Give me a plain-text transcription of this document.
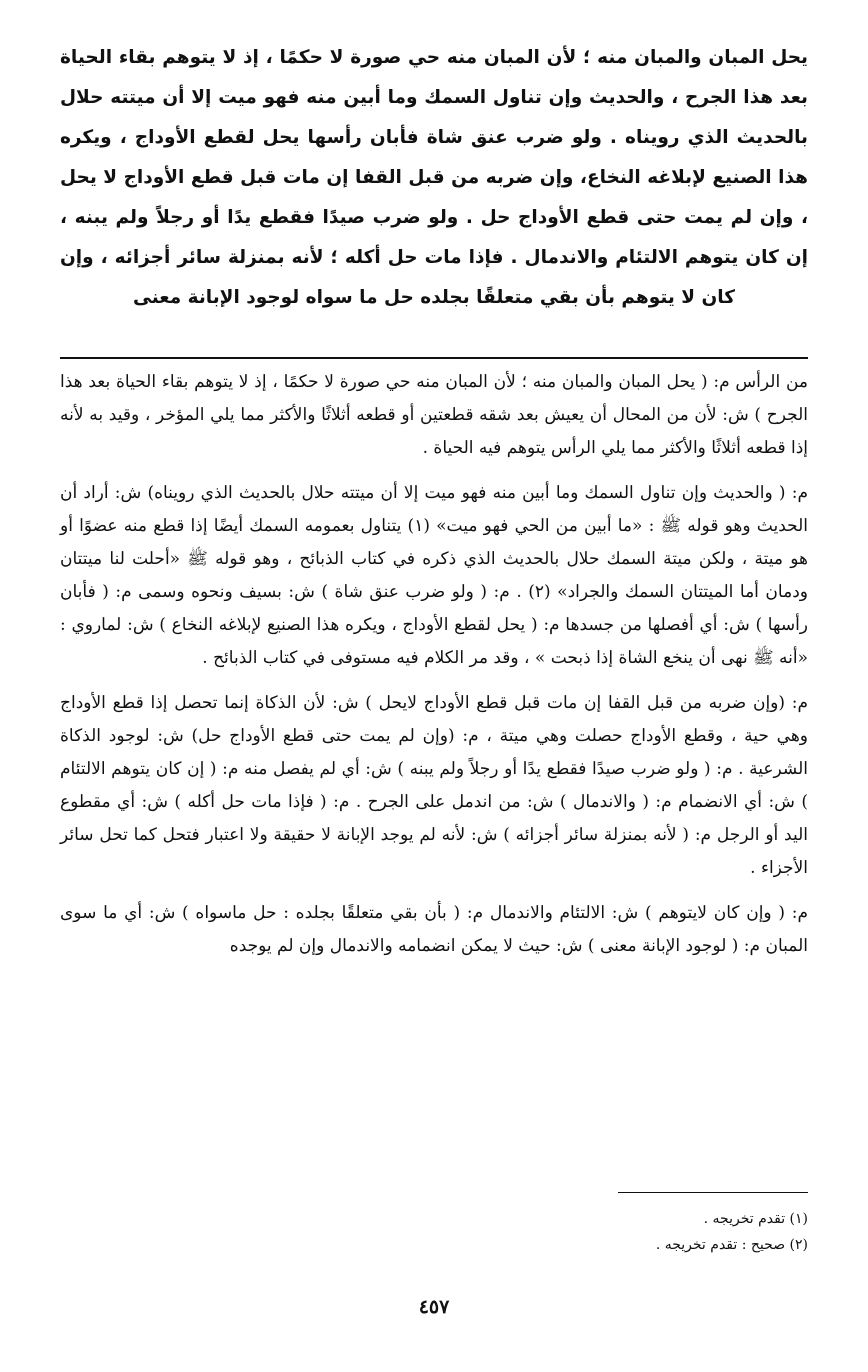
يحل المبان والمبان منه ؛ لأن المبان منه حي صورة لا حكمًا ، إذ لا يتوهم بقاء الحياة بعد هذا الجرح ، والحديث وإن تناول السمك وما أبين منه فهو ميت إلا أن ميتته حلال بالحديث الذي رويناه . ولو ضرب عنق شاة فأبان رأسها يحل لقطع الأوداج ، ويكره هذا الصنيع لإبلاغه النخاع، وإن ضربه من قبل القفا إن مات قبل قطع الأوداج لا يحل ، وإن لم يمت حتى قطع الأوداج حل . ولو ضرب صيدًا فقطع يدًا أو رجلاً ولم يبنه ، إن كان يتوهم الالتئام والاندمال . فإذا مات حل أكله ؛ لأنه بمنزلة سائر أجزائه ، وإن كان لا يتوهم بأن بقي متعلقًا بجلده حل ما سواه لوجود الإبانة معنى

من الرأس م: ( يحل المبان والمبان منه ؛ لأن المبان منه حي صورة لا حكمًا ، إذ لا يتوهم بقاء الحياة بعد هذا الجرح ) ش: لأن من المحال أن يعيش بعد شقه قطعتين أو قطعه أثلاثًا والأكثر مما يلي المؤخر ، وقيد به لأنه إذا قطعه أثلاثًا والأكثر مما يلي الرأس يتوهم فيه الحياة .

م: ( والحديث وإن تناول السمك وما أبين منه فهو ميت إلا أن ميتته حلال بالحديث الذي رويناه) ش: أراد أن الحديث وهو قوله ﷺ : «ما أبين من الحي فهو ميت» (١) يتناول بعمومه السمك أيضًا إذا قطع منه عضوًا أو هو ميتة ، ولكن ميتة السمك حلال بالحديث الذي ذكره في كتاب الذبائح ، وهو قوله ﷺ «أحلت لنا ميتتان ودمان أما الميتتان السمك والجراد» (٢) . م: ( ولو ضرب عنق شاة ) ش: بسيف ونحوه وسمى م: ( فأبان رأسها ) ش: أي أفصلها من جسدها م: ( يحل لقطع الأوداج ، ويكره هذا الصنيع لإبلاغه النخاع ) ش: لماروي : «أنه ﷺ نهى أن ينخع الشاة إذا ذبحت » ، وقد مر الكلام فيه مستوفى في كتاب الذبائح .

م: (وإن ضربه من قبل القفا إن مات قبل قطع الأوداج لايحل ) ش: لأن الذكاة إنما تحصل إذا قطع الأوداج وهي حية ، وقطع الأوداج حصلت وهي ميتة ، م: (وإن لم يمت حتى قطع الأوداج حل) ش: لوجود الذكاة الشرعية . م: ( ولو ضرب صيدًا فقطع يدًا أو رجلاً ولم يبنه ) ش: أي لم يفصل منه م: ( إن كان يتوهم الالتئام ) ش: أي الانضمام م: ( والاندمال ) ش: من اندمل على الجرح . م: ( فإذا مات حل أكله ) ش: أي مقطوع اليد أو الرجل م: ( لأنه بمنزلة سائر أجزائه ) ش: لأنه لم يوجد الإبانة لا حقيقة ولا اعتبار فتحل كما تحل سائر الأجزاء .

م: ( وإن كان لايتوهم ) ش: الالتئام والاندمال م: ( بأن بقي متعلقًا بجلده : حل ماسواه ) ش: أي ما سوى المبان م: ( لوجود الإبانة معنى ) ش: حيث لا يمكن انضمامه والاندمال وإن لم يوجده

(١) تقدم تخريجه .

(٢) صحيح : تقدم تخريجه .

٤٥٧
